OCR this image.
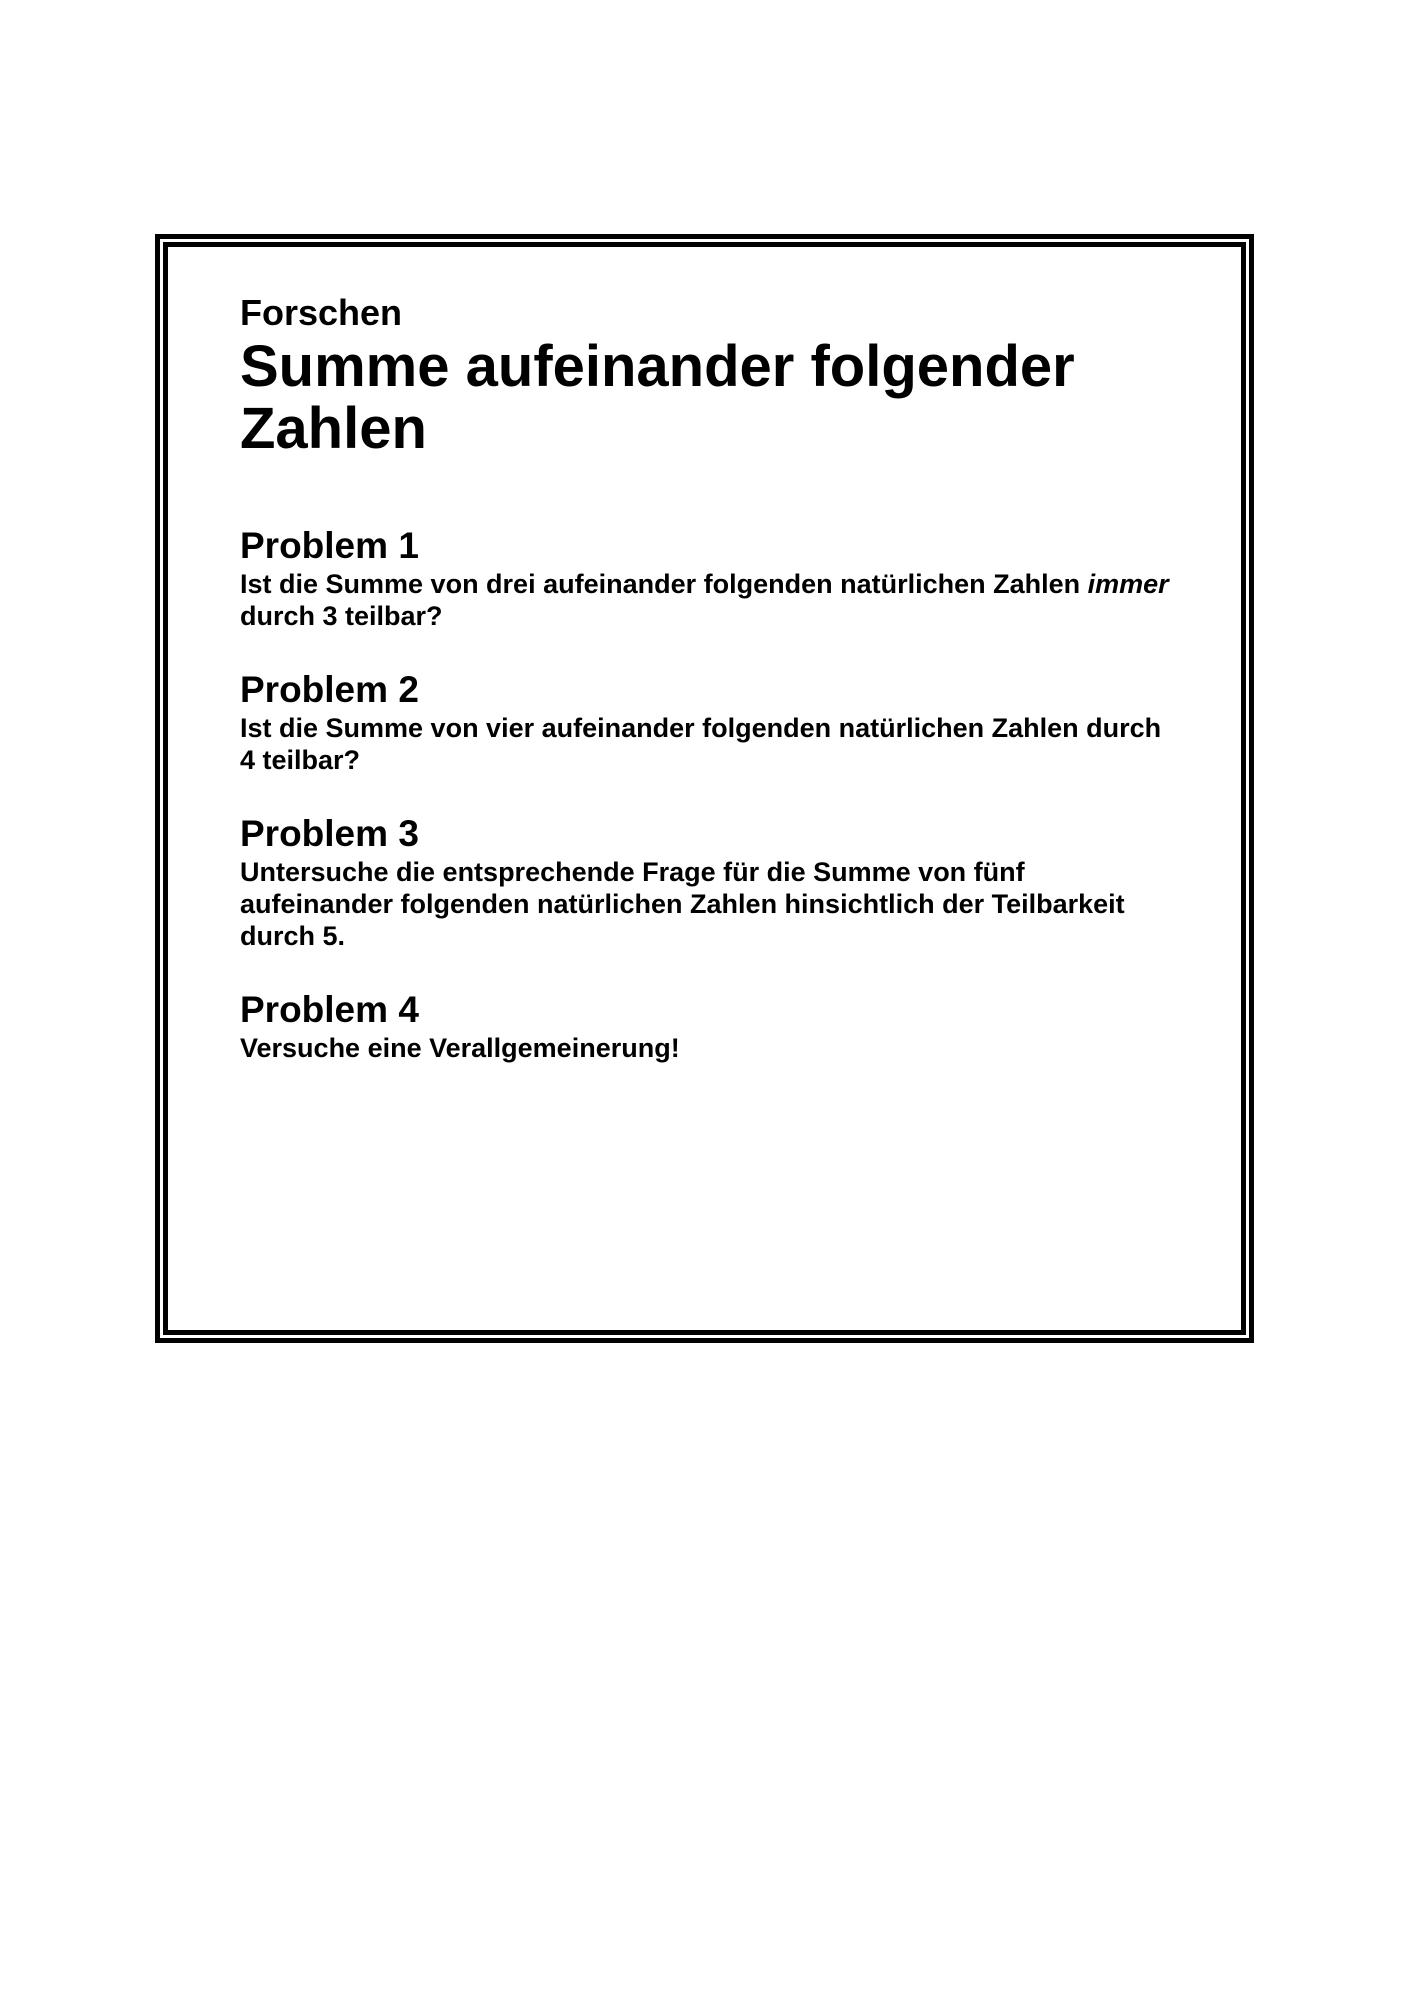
Forschen

Summe aufeinander folgender Zahlen
Problem 1

Ist die Summe von drei aufeinander folgenden natürlichen Zahlen immer durch 3 teilbar?

Problem 2

Ist die Summe von vier aufeinander folgenden natürlichen Zahlen durch 4 teilbar?

Problem 3

Untersuche die entsprechende Frage für die Summe von fünf aufeinander folgenden natürlichen Zahlen hinsichtlich der Teilbarkeit durch 5.

Problem 4

Versuche eine Verallgemeinerung!
